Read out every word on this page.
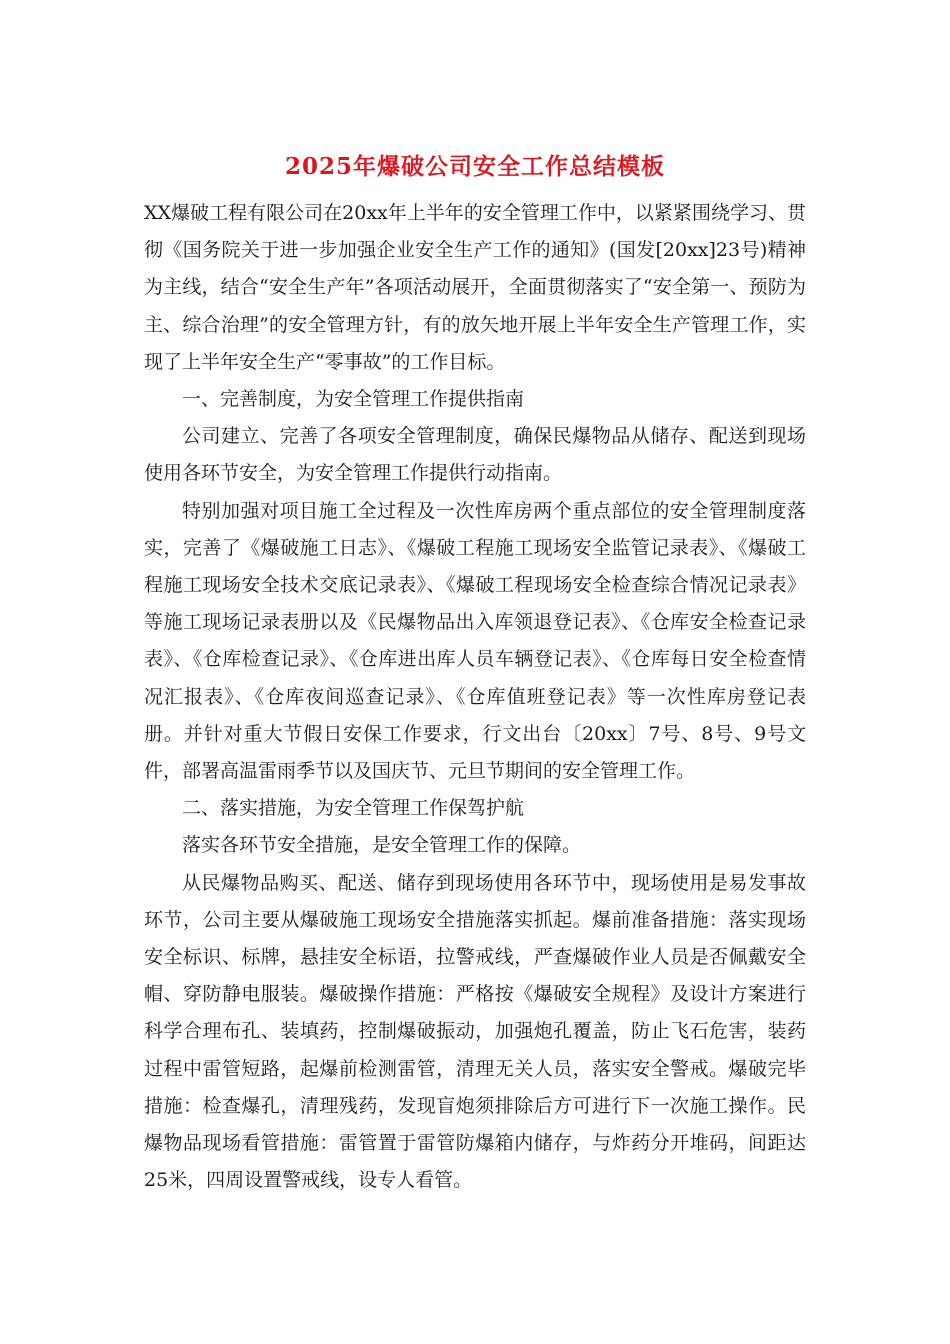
2025年爆破公司安全工作总结模板

XX爆破工程有限公司在20xx年上半年的安全管理工作中，以紧紧围绕学习、贯彻《国务院关于进一步加强企业安全生产工作的通知》(国发[20xx]23号)精神为主线，结合“安全生产年”各项活动展开，全面贯彻落实了“安全第一、预防为主、综合治理”的安全管理方针，有的放矢地开展上半年安全生产管理工作，实现了上半年安全生产“零事故”的工作目标。

一、完善制度，为安全管理工作提供指南

公司建立、完善了各项安全管理制度，确保民爆物品从储存、配送到现场使用各环节安全，为安全管理工作提供行动指南。

特别加强对项目施工全过程及一次性库房两个重点部位的安全管理制度落实，完善了《爆破施工日志》、《爆破工程施工现场安全监管记录表》、《爆破工程施工现场安全技术交底记录表》、《爆破工程现场安全检查综合情况记录表》等施工现场记录表册以及《民爆物品出入库领退登记表》、《仓库安全检查记录表》、《仓库检查记录》、《仓库进出库人员车辆登记表》、《仓库每日安全检查情况汇报表》、《仓库夜间巡查记录》、《仓库值班登记表》等一次性库房登记表册。并针对重大节假日安保工作要求，行文出台〔20xx〕7号、8号、9号文件，部署高温雷雨季节以及国庆节、元旦节期间的安全管理工作。

二、落实措施，为安全管理工作保驾护航

落实各环节安全措施，是安全管理工作的保障。

从民爆物品购买、配送、储存到现场使用各环节中，现场使用是易发事故环节，公司主要从爆破施工现场安全措施落实抓起。爆前准备措施：落实现场安全标识、标牌，悬挂安全标语，拉警戒线，严查爆破作业人员是否佩戴安全帽、穿防静电服装。爆破操作措施：严格按《爆破安全规程》及设计方案进行科学合理布孔、装填药，控制爆破振动，加强炮孔覆盖，防止飞石危害，装药过程中雷管短路，起爆前检测雷管，清理无关人员，落实安全警戒。爆破完毕措施：检查爆孔，清理残药，发现盲炮须排除后方可进行下一次施工操作。民爆物品现场看管措施：雷管置于雷管防爆箱内储存，与炸药分开堆码，间距达25米，四周设置警戒线，设专人看管。
